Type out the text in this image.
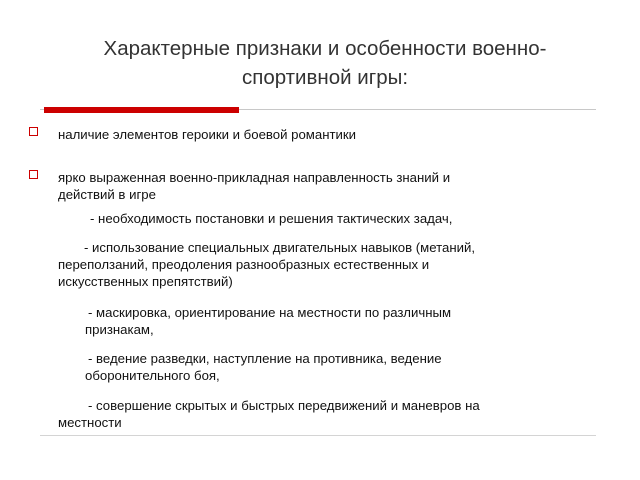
Характерные признаки и особенности военно-
спортивной игры:
наличие элементов героики и боевой романтики
ярко выраженная военно-прикладная направленность знаний и
действий в игре
- необходимость постановки и решения тактических задач,
- использование специальных двигательных навыков (метаний,
переползаний, преодоления разнообразных естественных и
искусственных препятствий)
- маскировка, ориентирование на местности по различным
признакам,
- ведение разведки, наступление на противника, ведение
оборонительного боя,
- совершение скрытых и быстрых передвижений и маневров на
местности
